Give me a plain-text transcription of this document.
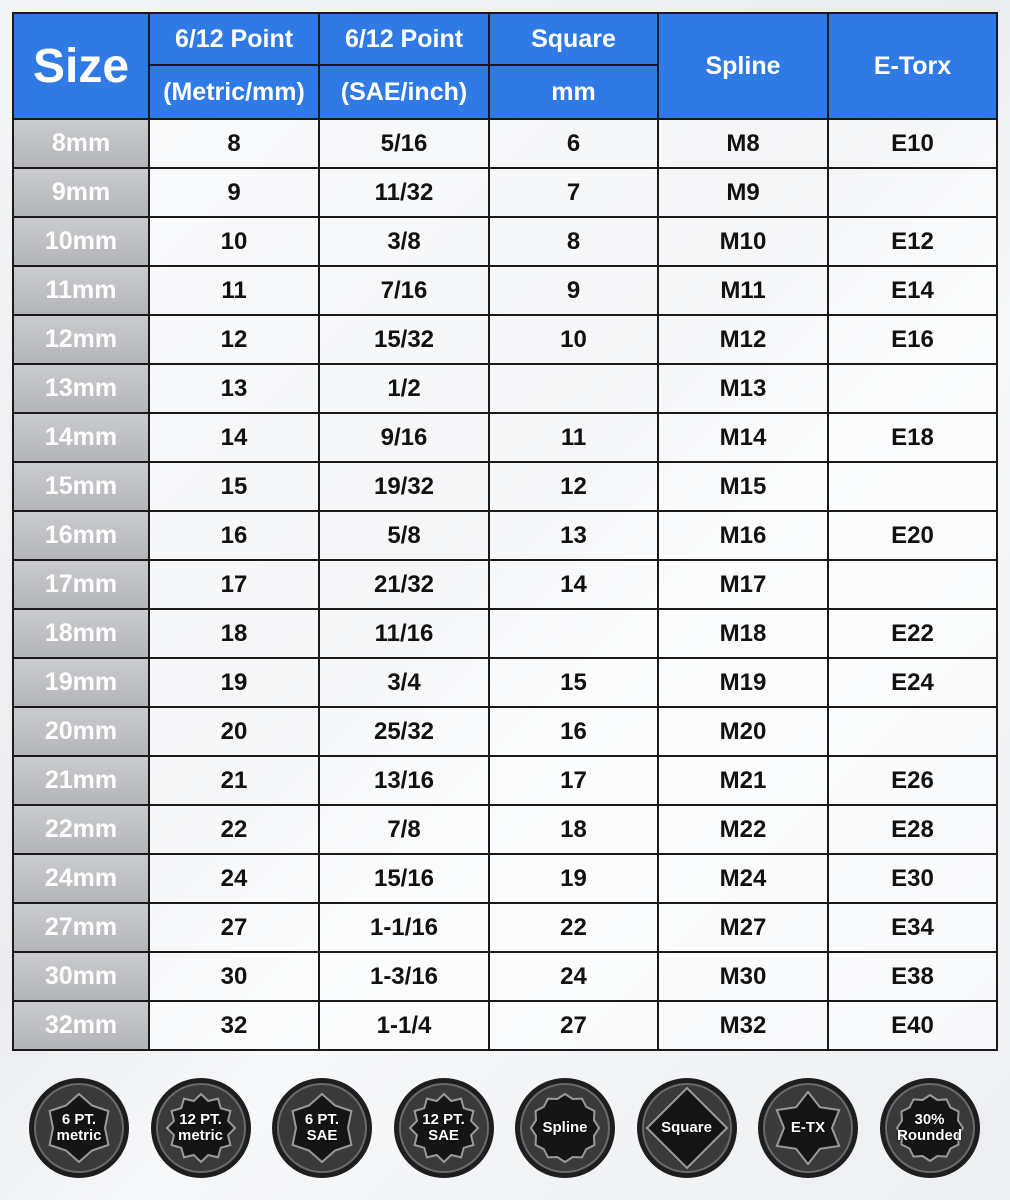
Size	6/12 Point	6/12 Point	Square	Spline	E-Torx
	(Metric/mm)	(SAE/inch)	mm		
8mm	8	5/16	6	M8	E10
9mm	9	11/32	7	M9	
10mm	10	3/8	8	M10	E12
11mm	11	7/16	9	M11	E14
12mm	12	15/32	10	M12	E16
13mm	13	1/2		M13	
14mm	14	9/16	11	M14	E18
15mm	15	19/32	12	M15	
16mm	16	5/8	13	M16	E20
17mm	17	21/32	14	M17	
18mm	18	11/16		M18	E22
19mm	19	3/4	15	M19	E24
20mm	20	25/32	16	M20	
21mm	21	13/16	17	M21	E26
22mm	22	7/8	18	M22	E28
24mm	24	15/16	19	M24	E30
27mm	27	1-1/16	22	M27	E34
30mm	30	1-3/16	24	M30	E38
32mm	32	1-1/4	27	M32	E40
6 PT.
metric
12 PT.
metric
6 PT.
SAE
12 PT.
SAE	Spline	Square	E-TX	30%
Rounded
